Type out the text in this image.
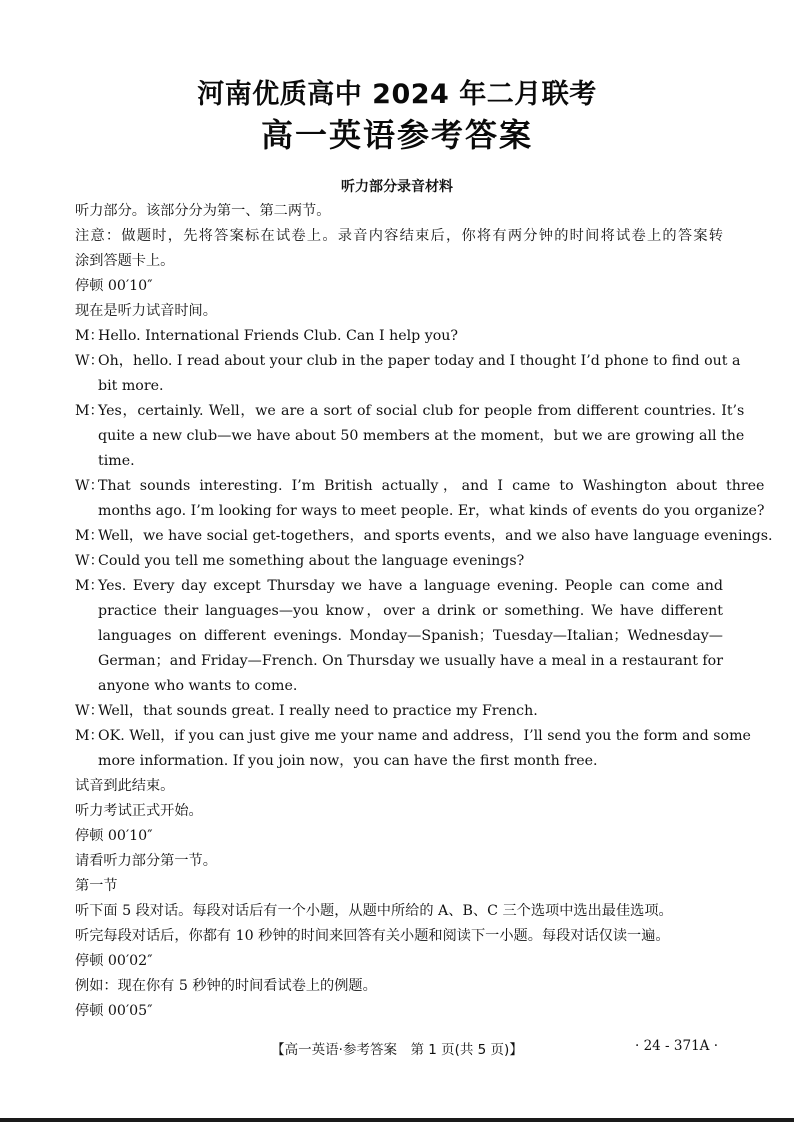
河南优质高中 2024 年二月联考
高一英语参考答案
听力部分录音材料

听力部分。该部分分为第一、第二两节。

注意：做题时，先将答案标在试卷上。录音内容结束后，你将有两分钟的时间将试卷上的答案转

涂到答题卡上。

停顿 00′10″

现在是听力试音时间。

M：
Hello. International Friends Club. Can I help you?
W：
Oh，hello. I read about your club in the paper today and I thought I’d phone to find out a
bit more.
M：
Yes，certainly. Well，we are a sort of social club for people from different countries. It’s
quite a new club—we have about 50 members at the moment，but we are growing all the
time.
W：
That sounds interesting. I’m British actually，and I came to Washington about three
months ago. I’m looking for ways to meet people. Er，what kinds of events do you organize?
M：
Well，we have social get-togethers，and sports events，and we also have language evenings.
W：
Could you tell me something about the language evenings?
M：
Yes. Every day except Thursday we have a language evening. People can come and
practice their languages—you know，over a drink or something. We have different
languages on different evenings. Monday—Spanish；Tuesday—Italian；Wednesday—
German；and Friday—French. On Thursday we usually have a meal in a restaurant for
anyone who wants to come.
W：
Well，that sounds great. I really need to practice my French.
M：
OK. Well，if you can just give me your name and address，I’ll send you the form and some
more information. If you join now，you can have the first month free.

试音到此结束。

听力考试正式开始。

停顿 00′10″

请看听力部分第一节。

第一节

听下面 5 段对话。每段对话后有一个小题，从题中所给的 A、B、C 三个选项中选出最佳选项。

听完每段对话后，你都有 10 秒钟的时间来回答有关小题和阅读下一小题。每段对话仅读一遍。

停顿 00′02″

例如：现在你有 5 秒钟的时间看试卷上的例题。

停顿 00′05″

【高一英语·参考答案　第 1 页(共 5 页)】	· 24 - 371A ·
